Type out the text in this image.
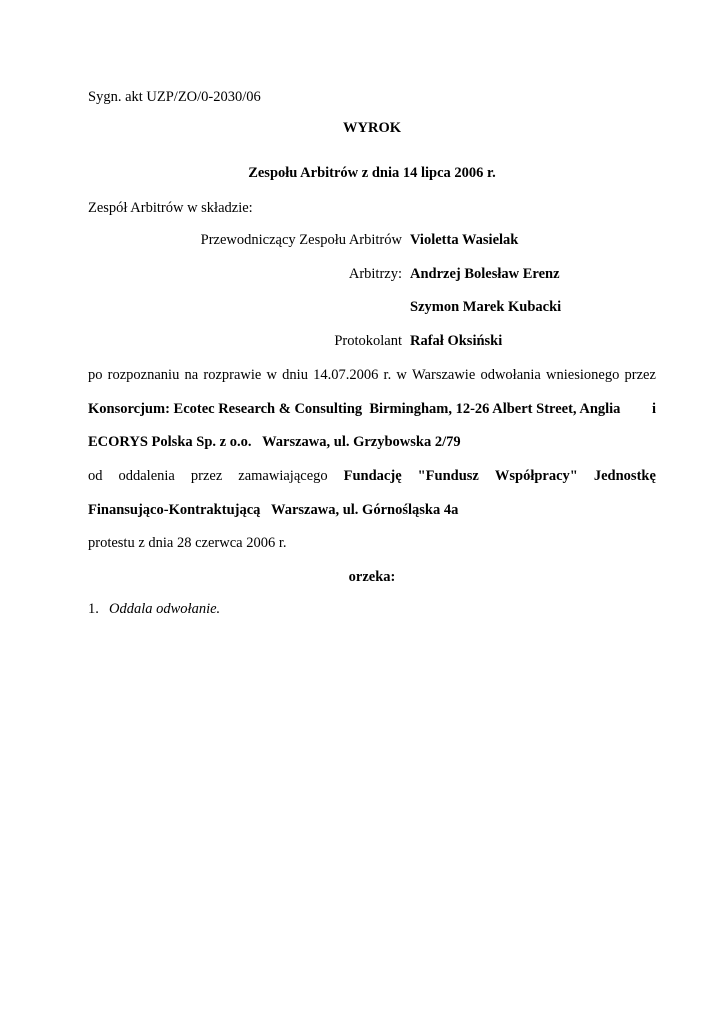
Sygn. akt UZP/ZO/0-2030/06
WYROK
Zespołu Arbitrów z dnia 14 lipca 2006 r.
Zespół Arbitrów w składzie:
Przewodniczący Zespołu Arbitrów Violetta Wasielak
Arbitrzy: Andrzej Bolesław Erenz
Szymon Marek Kubacki
Protokolant Rafał Oksiński
po rozpoznaniu na rozprawie w dniu 14.07.2006 r. w Warszawie odwołania wniesionego przez
Konsorcjum: Ecotec Research & Consulting  Birmingham, 12-26 Albert Street, Anglia i
ECORYS Polska Sp. z o.o.   Warszawa, ul. Grzybowska 2/79
od oddalenia przez zamawiającego Fundację "Fundusz Współpracy" Jednostkę
Finansująco-Kontraktującą   Warszawa, ul. Górnośląska 4a
protestu z dnia 28 czerwca 2006 r.
orzeka:
1. Oddala odwołanie.
